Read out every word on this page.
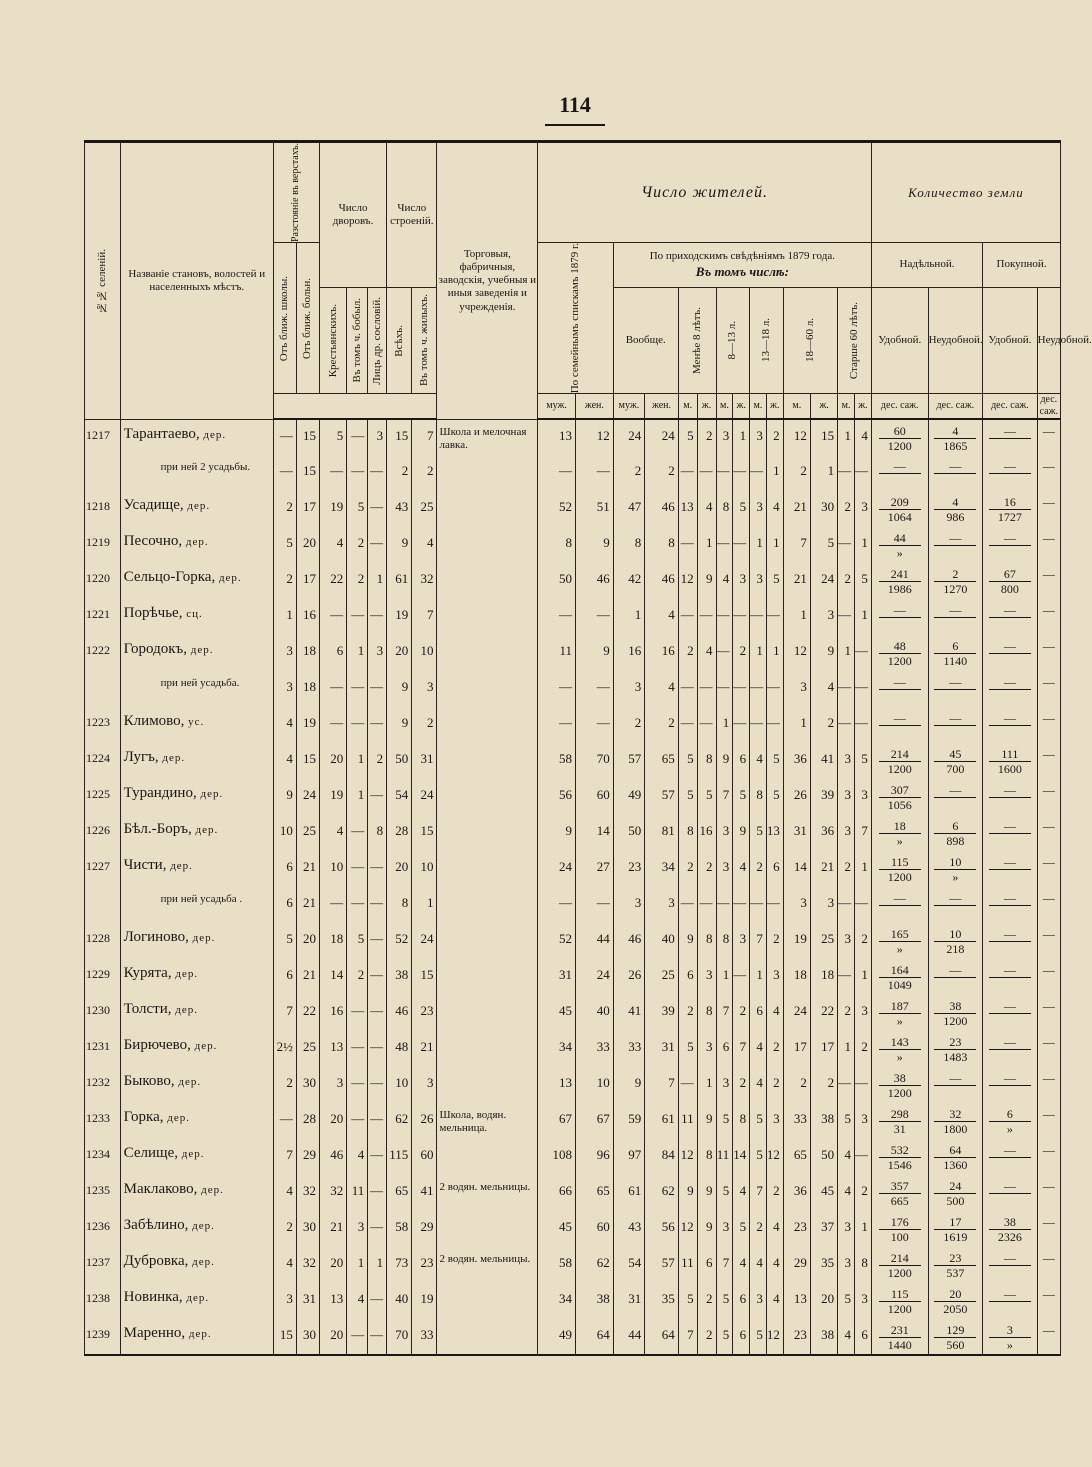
114
№№ селеній.	Названіе становъ, волостей и населенныхъ мѣстъ.	Разстояніе въ верстахъ.		Число дворовъ.			Число строеній.		Торговыя, фабричныя, заводскія, учебныя и иныя заведенія и учрежденія.	Число жителей.														Количество земли			

		Отъ ближ. школы.	Отъ ближ. больн.							По семейнымъ спискамъ 1879 г.		По приходскимъ свѣдѣніямъ 1879 года.
Въ томъ числѣ:												Надѣльной.		Покупной.	

				Крестьянскихъ.	Въ томъ ч. бобыл.	Лицъ др. сословій.	Всѣхъ.	Въ томъ ч. жилыхъ.				Вообще.		Менѣе 8 лѣтъ.		8—13 л.		13—18 л.		18—60 л.		Старше 60 лѣтъ.		Удобной.	Неудобной.	Удобной.	Неудобной.
										муж.	жен.	муж.	жен.	м.	ж.	м.	ж.	м.	ж.	м.	ж.	м.	ж.	дес. саж.	дес. саж.	дес. саж.	дес. саж.
1217	Тарантаево, дер.	—	15	5	—	3	15	7	Школа и мелочная лавка.	13	12	24	24	5	2	3	1	3	2	12	15	1	4	$\frac{60}{1200}$	$\frac{4}{1865}$	—	—
	при ней 2 усадьбы.	—	15	—	—	—	2	2		—	—	2	2	—	—	—	—	—	1	2	1	—	—	—	—	—	—
1218	Усадище, дер.	2	17	19	5	—	43	25		52	51	47	46	13	4	8	5	3	4	21	30	2	3	$\frac{209}{1064}$	$\frac{4}{986}$	$\frac{16}{1727}$	—
1219	Песочно, дер.	5	20	4	2	—	9	4		8	9	8	8	—	1	—	—	1	1	7	5	—	1	$\frac{44}{»}$	—	—	—
1220	Сельцо-Горка, дер.	2	17	22	2	1	61	32		50	46	42	46	12	9	4	3	3	5	21	24	2	5	$\frac{241}{1986}$	$\frac{2}{1270}$	$\frac{67}{800}$	—
1221	Порѣчье, сц.	1	16	—	—	—	19	7		—	—	1	4	—	—	—	—	—	—	1	3	—	1	—	—	—	—
1222	Городокъ, дер.	3	18	6	1	3	20	10		11	9	16	16	2	4	—	2	1	1	12	9	1	—	$\frac{48}{1200}$	$\frac{6}{1140}$	—	—
	при ней усадьба.	3	18	—	—	—	9	3		—	—	3	4	—	—	—	—	—	—	3	4	—	—	—	—	—	—
1223	Климово, ус.	4	19	—	—	—	9	2		—	—	2	2	—	—	1	—	—	—	1	2	—	—	—	—	—	—
1224	Лугъ, дер.	4	15	20	1	2	50	31		58	70	57	65	5	8	9	6	4	5	36	41	3	5	$\frac{214}{1200}$	$\frac{45}{700}$	$\frac{111}{1600}$	—
1225	Турандино, дер.	9	24	19	1	—	54	24		56	60	49	57	5	5	7	5	8	5	26	39	3	3	$\frac{307}{1056}$	—	—	—
1226	Бѣл.-Боръ, дер.	10	25	4	—	8	28	15		9	14	50	81	8	16	3	9	5	13	31	36	3	7	$\frac{18}{»}$	$\frac{6}{898}$	—	—
1227	Чисти, дер.	6	21	10	—	—	20	10		24	27	23	34	2	2	3	4	2	6	14	21	2	1	$\frac{115}{1200}$	$\frac{10}{»}$	—	—
	при ней усадьба .	6	21	—	—	—	8	1		—	—	3	3	—	—	—	—	—	—	3	3	—	—	—	—	—	—
1228	Логиново, дер.	5	20	18	5	—	52	24		52	44	46	40	9	8	8	3	7	2	19	25	3	2	$\frac{165}{»}$	$\frac{10}{218}$	—	—
1229	Курята, дер.	6	21	14	2	—	38	15		31	24	26	25	6	3	1	—	1	3	18	18	—	1	$\frac{164}{1049}$	—	—	—
1230	Толсти, дер.	7	22	16	—	—	46	23		45	40	41	39	2	8	7	2	6	4	24	22	2	3	$\frac{187}{»}$	$\frac{38}{1200}$	—	—
1231	Бирючево, дер.	2½	25	13	—	—	48	21		34	33	33	31	5	3	6	7	4	2	17	17	1	2	$\frac{143}{»}$	$\frac{23}{1483}$	—	—
1232	Быково, дер.	2	30	3	—	—	10	3		13	10	9	7	—	1	3	2	4	2	2	2	—	—	$\frac{38}{1200}$	—	—	—
1233	Горка, дер.	—	28	20	—	—	62	26	Школа, водян. мельница.	67	67	59	61	11	9	5	8	5	3	33	38	5	3	$\frac{298}{31}$	$\frac{32}{1800}$	$\frac{6}{»}$	—
1234	Селище, дер.	7	29	46	4	—	115	60		108	96	97	84	12	8	11	14	5	12	65	50	4	—	$\frac{532}{1546}$	$\frac{64}{1360}$	—	—
1235	Маклаково, дер.	4	32	32	11	—	65	41	2 водян. мельницы.	66	65	61	62	9	9	5	4	7	2	36	45	4	2	$\frac{357}{665}$	$\frac{24}{500}$	—	—
1236	Забѣлино, дер.	2	30	21	3	—	58	29		45	60	43	56	12	9	3	5	2	4	23	37	3	1	$\frac{176}{100}$	$\frac{17}{1619}$	$\frac{38}{2326}$	—
1237	Дубровка, дер.	4	32	20	1	1	73	23	2 водян. мельницы.	58	62	54	57	11	6	7	4	4	4	29	35	3	8	$\frac{214}{1200}$	$\frac{23}{537}$	—	—
1238	Новинка, дер.	3	31	13	4	—	40	19		34	38	31	35	5	2	5	6	3	4	13	20	5	3	$\frac{115}{1200}$	$\frac{20}{2050}$	—	—
1239	Маренно, дер.	15	30	20	—	—	70	33		49	64	44	64	7	2	5	6	5	12	23	38	4	6	$\frac{231}{1440}$	$\frac{129}{560}$	$\frac{3}{»}$	—
